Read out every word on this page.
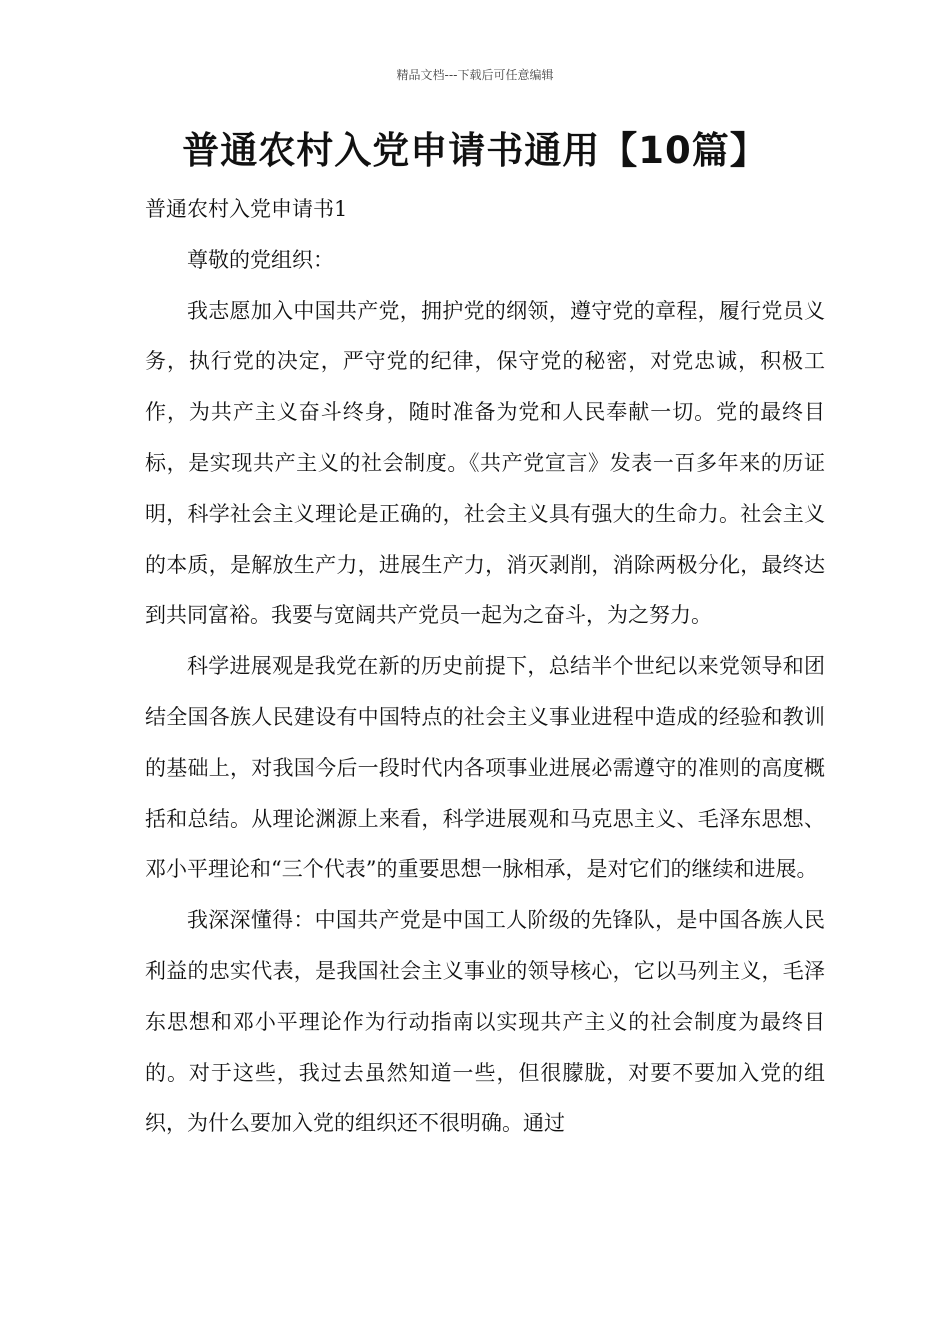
精品文档---下载后可任意编辑
普通农村入党申请书通用【10篇】

普通农村入党申请书1

尊敬的党组织：

我志愿加入中国共产党，拥护党的纲领，遵守党的章程，履行党员义务，执行党的决定，严守党的纪律，保守党的秘密，对党忠诚，积极工作，为共产主义奋斗终身，随时准备为党和人民奉献一切。党的最终目标，是实现共产主义的社会制度。《共产党宣言》发表一百多年来的历证明，科学社会主义理论是正确的，社会主义具有强大的生命力。社会主义的本质，是解放生产力，进展生产力，消灭剥削，消除两极分化，最终达到共同富裕。我要与宽阔共产党员一起为之奋斗，为之努力。

科学进展观是我党在新的历史前提下，总结半个世纪以来党领导和团结全国各族人民建设有中国特点的社会主义事业进程中造成的经验和教训的基础上，对我国今后一段时代内各项事业进展必需遵守的准则的高度概括和总结。从理论渊源上来看，科学进展观和马克思主义、毛泽东思想、邓小平理论和“三个代表”的重要思想一脉相承，是对它们的继续和进展。

我深深懂得：中国共产党是中国工人阶级的先锋队，是中国各族人民利益的忠实代表，是我国社会主义事业的领导核心，它以马列主义，毛泽东思想和邓小平理论作为行动指南以实现共产主义的社会制度为最终目的。对于这些，我过去虽然知道一些，但很朦胧，对要不要加入党的组织，为什么要加入党的组织还不很明确。通过
